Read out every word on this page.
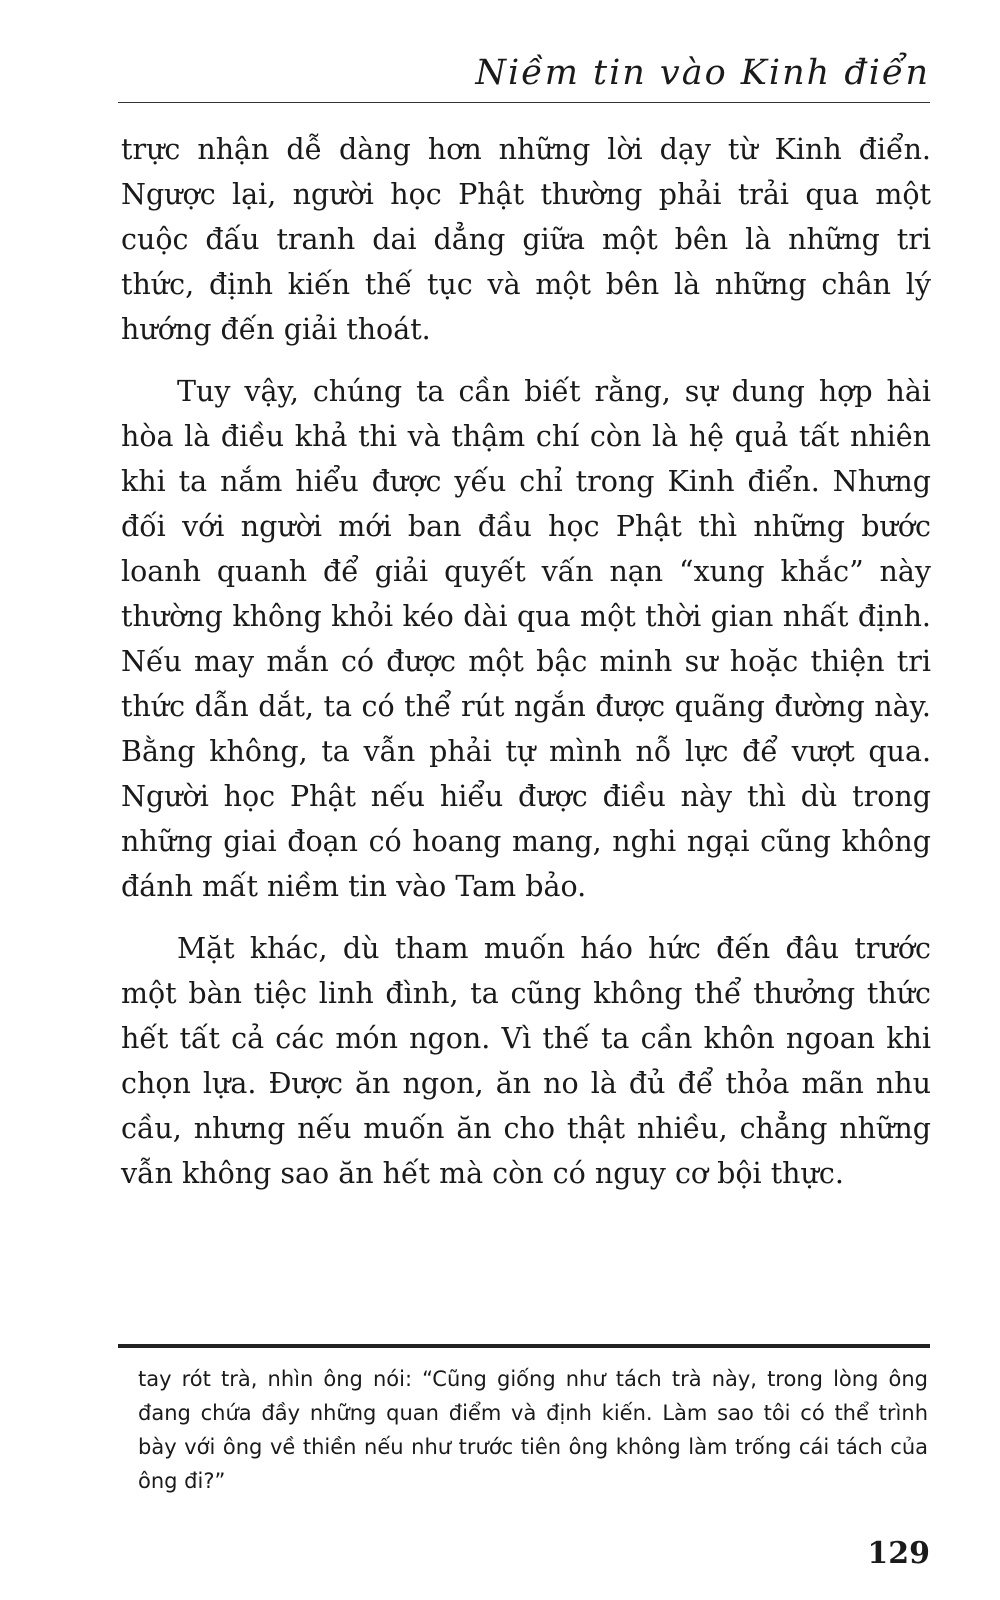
Niềm tin vào Kinh điển

trực nhận dễ dàng hơn những lời dạy từ Kinh điển. Ngược lại, người học Phật thường phải trải qua một cuộc đấu tranh dai dẳng giữa một bên là những tri thức, định kiến thế tục và một bên là những chân lý hướng đến giải thoát.

Tuy vậy, chúng ta cần biết rằng, sự dung hợp hài hòa là điều khả thi và thậm chí còn là hệ quả tất nhiên khi ta nắm hiểu được yếu chỉ trong Kinh điển. Nhưng đối với người mới ban đầu học Phật thì những bước loanh quanh để giải quyết vấn nạn “xung khắc” này thường không khỏi kéo dài qua một thời gian nhất định. Nếu may mắn có được một bậc minh sư hoặc thiện tri thức dẫn dắt, ta có thể rút ngắn được quãng đường này. Bằng không, ta vẫn phải tự mình nỗ lực để vượt qua. Người học Phật nếu hiểu được điều này thì dù trong những giai đoạn có hoang mang, nghi ngại cũng không đánh mất niềm tin vào Tam bảo.

Mặt khác, dù tham muốn háo hức đến đâu trước một bàn tiệc linh đình, ta cũng không thể thưởng thức hết tất cả các món ngon. Vì thế ta cần khôn ngoan khi chọn lựa. Được ăn ngon, ăn no là đủ để thỏa mãn nhu cầu, nhưng nếu muốn ăn cho thật nhiều, chẳng những vẫn không sao ăn hết mà còn có nguy cơ bội thực.

tay rót trà, nhìn ông nói: “Cũng giống như tách trà này, trong lòng ông đang chứa đầy những quan điểm và định kiến. Làm sao tôi có thể trình bày với ông về thiền nếu như trước tiên ông không làm trống cái tách của ông đi?”

129
